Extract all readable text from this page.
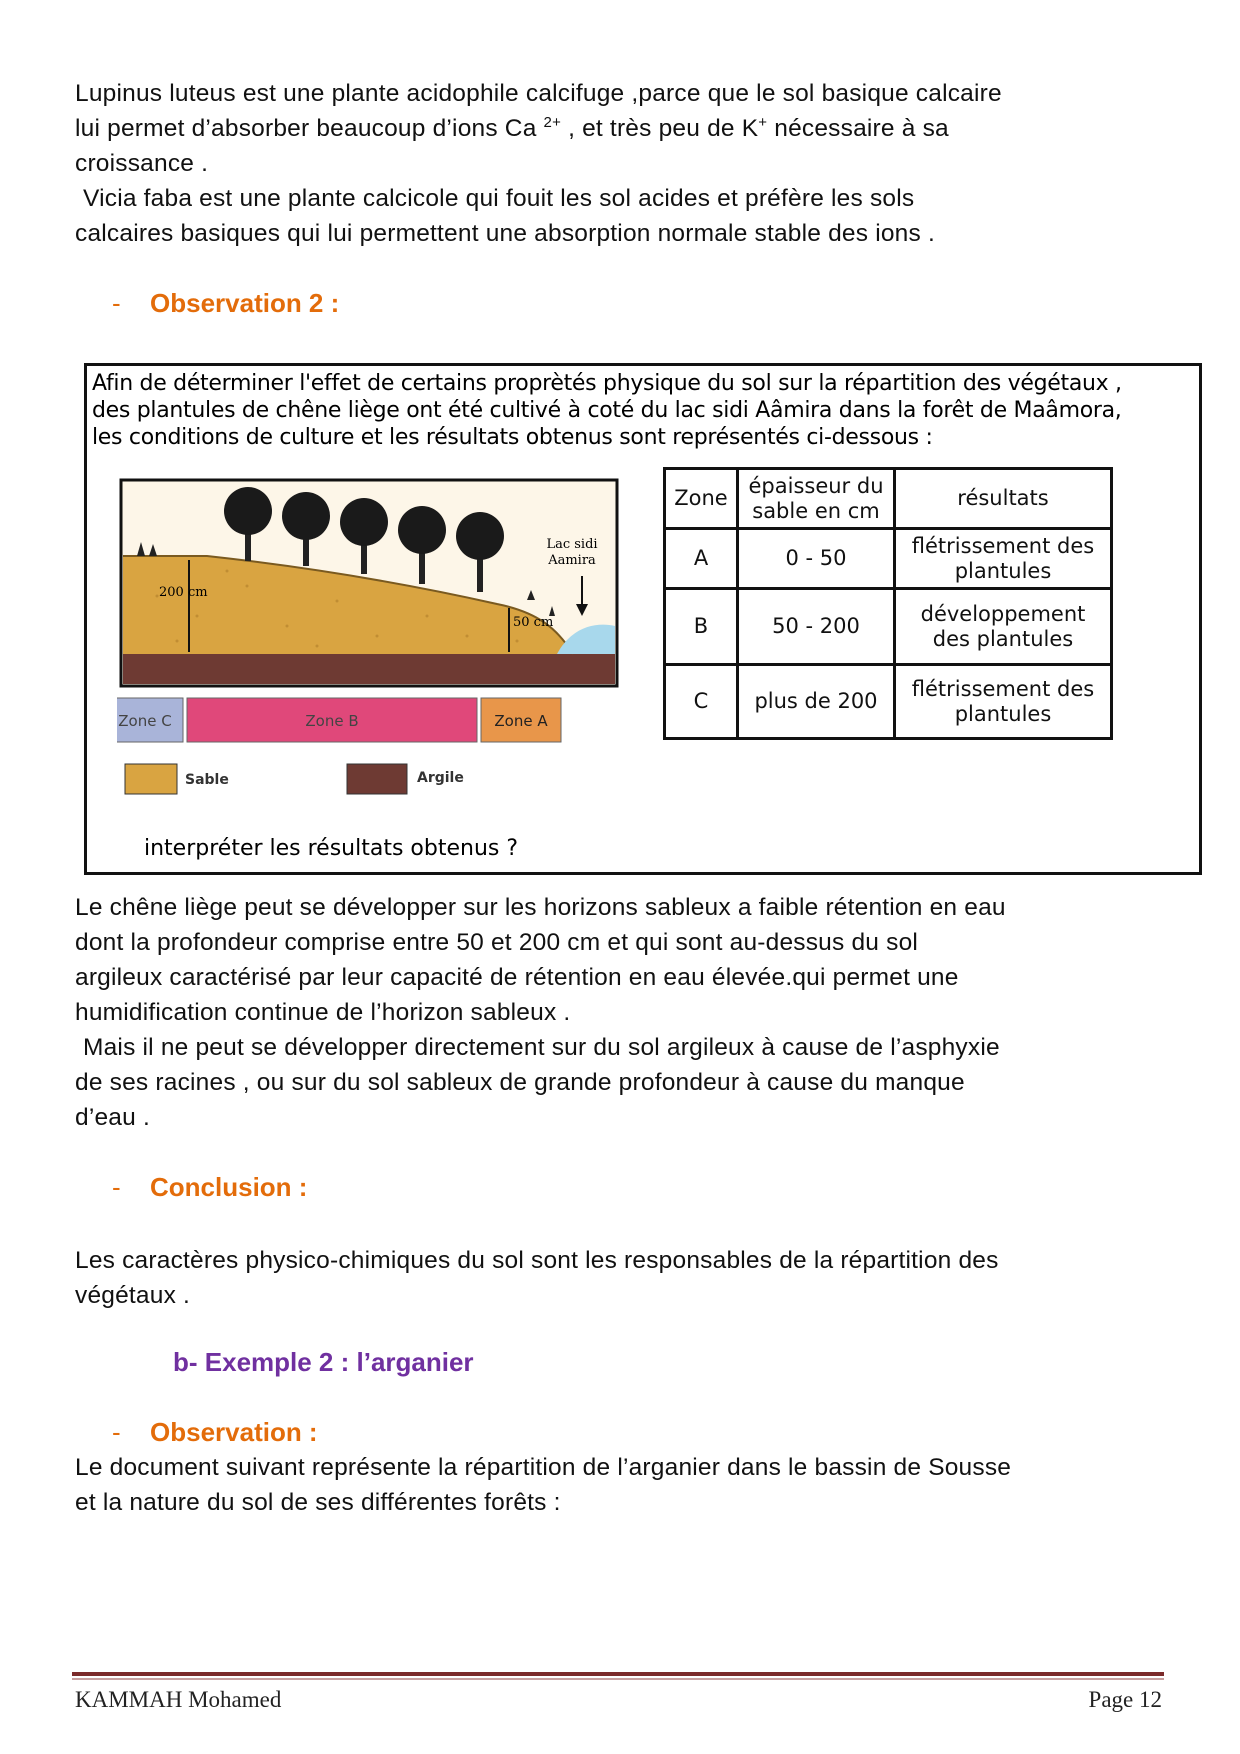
Lupinus luteus est une plante acidophile calcifuge ,parce que le sol basique calcaire
lui permet d’absorber beaucoup d’ions Ca $^{2+}$ , et très peu de K+ nécessaire à sa
croissance .
Vicia faba est une plante calcicole qui fouit les sol acides et préfère les sols
calcaires basiques qui lui permettent une absorption normale stable des ions .
- Observation 2 :
Afin de déterminer l'effet de certains proprètés physique du sol sur la répartition des végétaux ,
des plantules de chêne liège ont été cultivé à coté du lac sidi Aâmira dans la forêt de Maâmora,
les conditions de culture et les résultats obtenus sont représentés ci-dessous :
Lac sidi
Aamira
200 cm
50 cm
Zone C	Zone B	Zone A
Sable	Argile
Zone	épaisseur du sable en cm	résultats
A	0 - 50	flétrissement des plantules
B	50 - 200	développement des plantules
C	plus de 200	flétrissement des plantules
interpréter les résultats obtenus ?
Le chêne liège peut se développer sur les horizons sableux a faible rétention en eau
dont la profondeur comprise entre 50 et 200 cm et qui sont au-dessus du sol
argileux caractérisé par leur capacité de rétention en eau élevée.qui permet une
humidification continue de l’horizon sableux .
Mais il ne peut se développer directement sur du sol argileux à cause de l’asphyxie
de ses racines , ou sur du sol sableux de grande profondeur à cause du manque
d’eau .
- Conclusion :
Les caractères physico-chimiques du sol sont les responsables de la répartition des
végétaux .
b- Exemple 2 : l’arganier
- Observation :
Le document suivant représente la répartition de l’arganier dans le bassin de Sousse
et la nature du sol de ses différentes forêts :
KAMMAH Mohamed	Page 12
